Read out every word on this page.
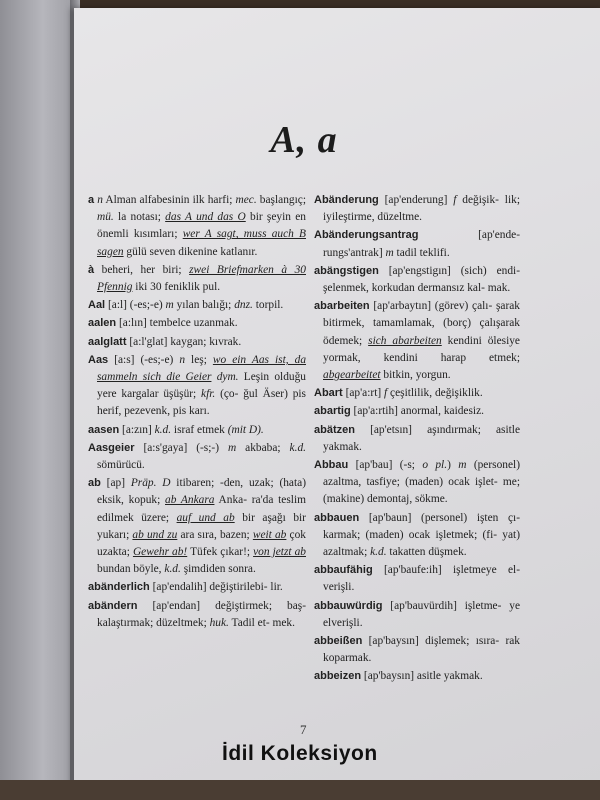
A, a

a n Alman alfabesinin ilk harfi; mec. başlangıç; mü. la notası; das A und das O bir şeyin en önemli kısımları; wer A sagt, muss auch B sagen gülü seven dikenine katlanır.

à beheri, her biri; zwei Briefmarken à 30 Pfennig iki 30 feniklik pul.

Aal [a:l] (-es;-e) m yılan balığı; dnz. torpil.

aalen [a:lın] tembelce uzanmak.

aalglatt [a:l'glat] kaygan; kıvrak.

Aas [a:s] (-es;-e) n leş; wo ein Aas ist, da sammeln sich die Geier dym. Leşin olduğu yere kargalar üşüşür; kfr. (ço- ğul Äser) pis herif, pezevenk, pis karı.

aasen [a:zın] k.d. israf etmek (mit D).

Aasgeier [a:s'gaya] (-s;-) m akbaba; k.d. sömürücü.

ab [ap] Präp. D itibaren; -den, uzak; (hata) eksik, kopuk; ab Ankara Anka- ra'da teslim edilmek üzere; auf und ab bir aşağı bir yukarı; ab und zu ara sıra, bazen; weit ab çok uzakta; Gewehr ab! Tüfek çıkar!; von jetzt ab bundan böyle, k.d. şimdiden sonra.

abänderlich [ap'endalih] değiştirilebi- lir.

abändern [ap'endan] değiştirmek; baş- kalaştırmak; düzeltmek; huk. Tadil et- mek.

Abänderung [ap'enderung] f değişik- lik; iyileştirme, düzeltme.

Abänderungsantrag [ap'ende- rungs'antrak] m tadil teklifi.

abängstigen [ap'engstigın] (sich) endi- şelenmek, korkudan dermansız kal- mak.

abarbeiten [ap'arbaytın] (görev) çalı- şarak bitirmek, tamamlamak, (borç) çalışarak ödemek; sich abarbeiten kendini ölesiye yormak, kendini harap etmek; abgearbeitet bitkin, yorgun.

Abart [ap'a:rt] f çeşitlilik, değişiklik.

abartig [ap'a:rtih] anormal, kaidesiz.

abätzen [ap'etsın] aşındırmak; asitle yakmak.

Abbau [ap'bau] (-s; o pl.) m (personel) azaltma, tasfiye; (maden) ocak işlet- me; (makine) demontaj, sökme.

abbauen [ap'baun] (personel) işten çı- karmak; (maden) ocak işletmek; (fi- yat) azaltmak; k.d. takatten düşmek.

abbaufähig [ap'baufe:ih] işletmeye el- verişli.

abbauwürdig [ap'bauvürdih] işletme- ye elverişli.

abbeißen [ap'baysın] dişlemek; ısıra- rak koparmak.

abbeizen [ap'baysın] asitle yakmak.

7
İdil Koleksiyon
